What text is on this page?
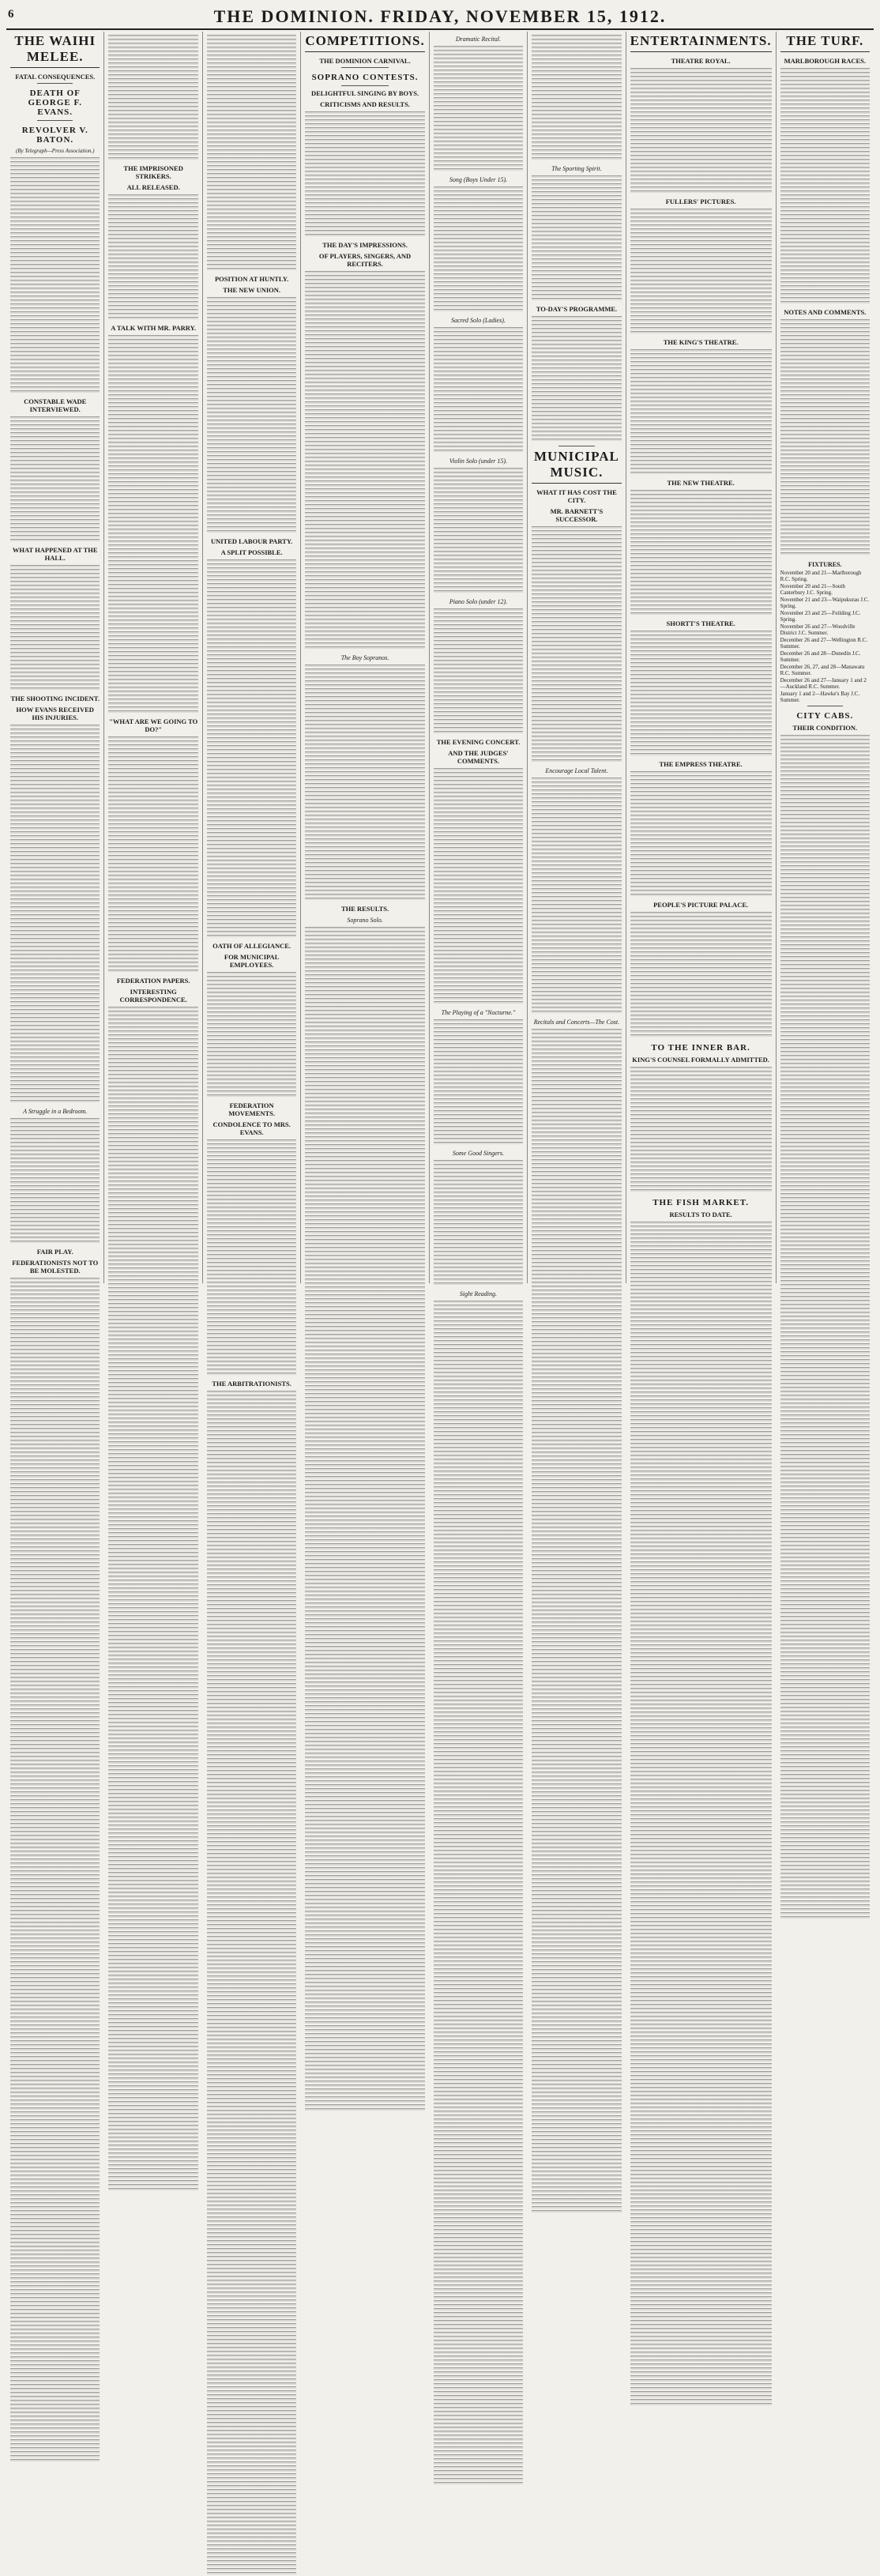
6	THE DOMINION. FRIDAY, NOVEMBER 15, 1912.
THE WAIHI MELEE.
FATAL CONSEQUENCES.
DEATH OF GEORGE F. EVANS.
REVOLVER V. BATON.
(By Telegraph—Press Association.)
CONSTABLE WADE INTERVIEWED.
WHAT HAPPENED AT THE HALL.
THE SHOOTING INCIDENT.
HOW EVANS RECEIVED HIS INJURIES.
A Struggle in a Bedroom.
FAIR PLAY.
FEDERATIONISTS NOT TO BE MOLESTED.
THE IMPRISONED STRIKERS.
ALL RELEASED.
A TALK WITH MR. PARRY.
"WHAT ARE WE GOING TO DO?"
FEDERATION PAPERS.
INTERESTING CORRESPONDENCE.
POSITION AT HUNTLY.
THE NEW UNION.
UNITED LABOUR PARTY.
A SPLIT POSSIBLE.
OATH OF ALLEGIANCE.
FOR MUNICIPAL EMPLOYEES.
FEDERATION MOVEMENTS.
CONDOLENCE TO MRS. EVANS.
THE ARBITRATIONISTS.
COMPETITIONS.
THE DOMINION CARNIVAL.
SOPRANO CONTESTS.
DELIGHTFUL SINGING BY BOYS.
CRITICISMS AND RESULTS.
THE DAY'S IMPRESSIONS.
OF PLAYERS, SINGERS, AND RECITERS.
The Boy Sopranos.
THE RESULTS.
Soprano Solo.
Dramatic Recital.
Song (Boys Under 15).
Sacred Solo (Ladies).
Violin Solo (under 15).
Piano Solo (under 12).
THE EVENING CONCERT.
AND THE JUDGES' COMMENTS.
The Playing of a "Nocturne."
Some Good Singers.
Sight Reading.
The Sporting Spirit.
TO-DAY'S PROGRAMME.
MUNICIPAL MUSIC.
WHAT IT HAS COST THE CITY.
MR. BARNETT'S SUCCESSOR.
Encourage Local Talent.
Recitals and Concerts—The Cost.
ENTERTAINMENTS.
THEATRE ROYAL.
FULLERS' PICTURES.
THE KING'S THEATRE.
THE NEW THEATRE.
SHORTT'S THEATRE.
THE EMPRESS THEATRE.
PEOPLE'S PICTURE PALACE.
TO THE INNER BAR.
KING'S COUNSEL FORMALLY ADMITTED.
THE FISH MARKET.
RESULTS TO DATE.
THE TURF.
MARLBOROUGH RACES.
NOTES AND COMMENTS.
FIXTURES.
November 20 and 21—Marlborough R.C. Spring.
November 20 and 21—South Canterbury J.C. Spring.
November 21 and 23—Waipukurau J.C. Spring.
November 23 and 25—Feilding J.C. Spring.
November 26 and 27—Woodville District J.C. Summer.
December 26 and 27—Wellington R.C. Summer.
December 26 and 28—Dunedin J.C. Summer.
December 26, 27, and 28—Manawatu R.C. Summer.
December 26 and 27—January 1 and 2—Auckland R.C. Summer.
January 1 and 2—Hawke's Bay J.C. Summer.
CITY CABS.
THEIR CONDITION.
